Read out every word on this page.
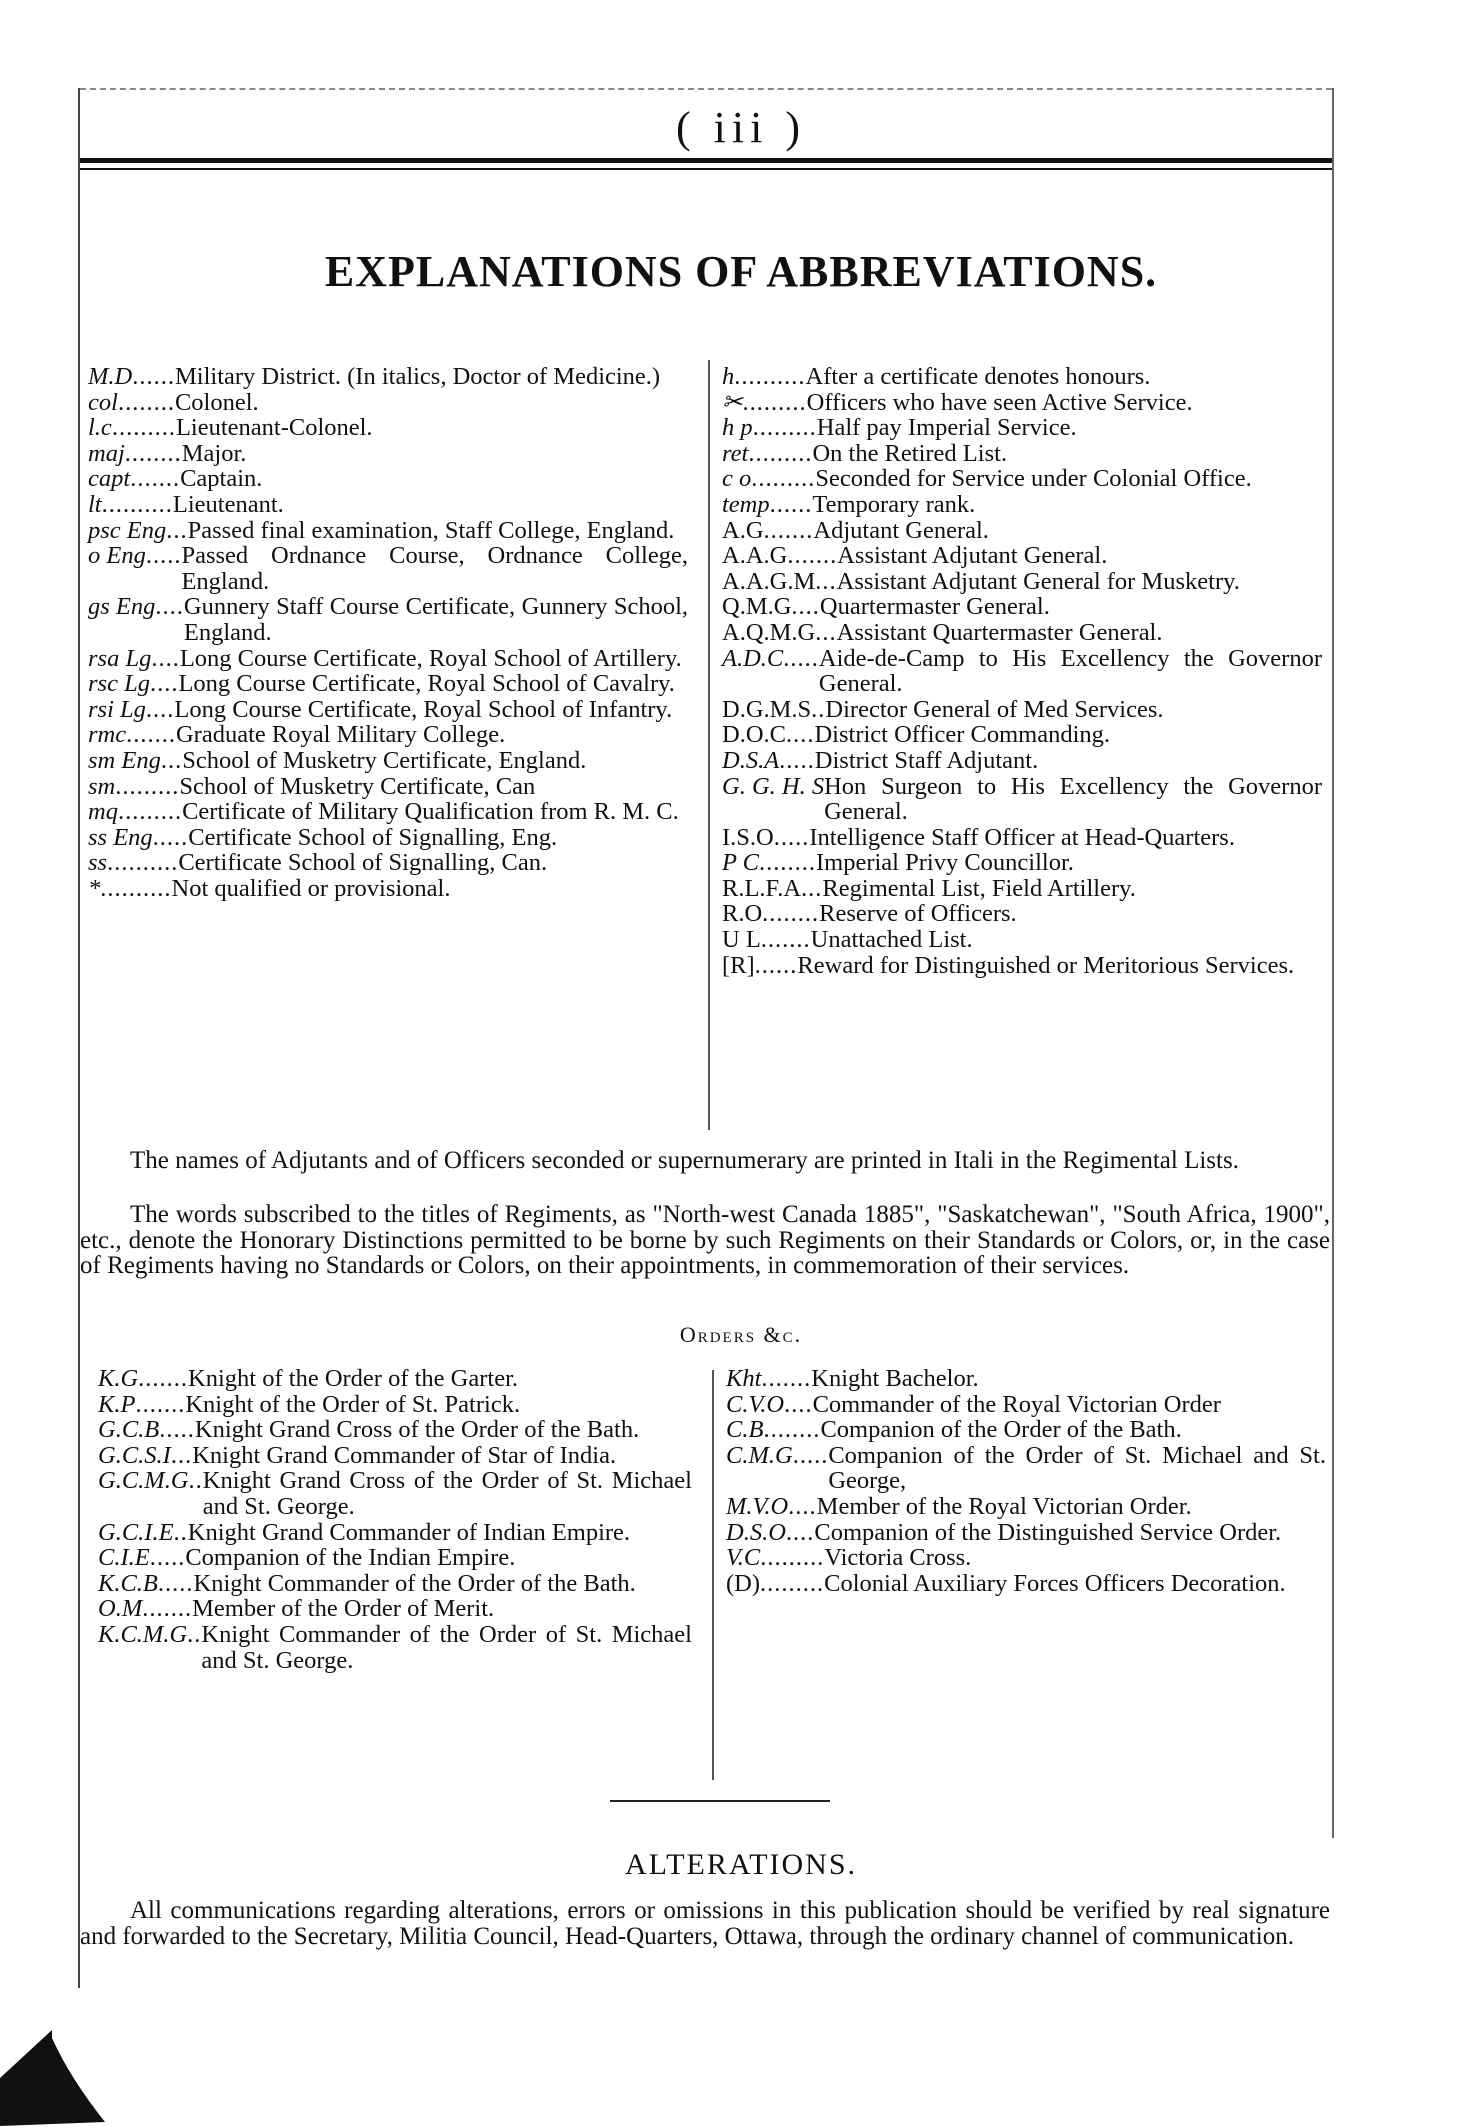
( iii )
EXPLANATIONS OF ABBREVIATIONS.
M.D ...... Military District. (In italics, Doctor of Medicine.)
col ........ Colonel.
l.c ......... Lieutenant-Colonel.
maj ........ Major.
capt ....... Captain.
lt .......... Lieutenant.
psc Eng ... Passed final examination, Staff College, England.
o Eng ..... Passed Ordnance Course, Ordnance College, England.
gs Eng .... Gunnery Staff Course Certificate, Gunnery School, England.
rsa Lg .... Long Course Certificate, Royal School of Artillery.
rsc Lg .... Long Course Certificate, Royal School of Cavalry.
rsi Lg .... Long Course Certificate, Royal School of Infantry.
rmc ....... Graduate Royal Military College.
sm Eng ... School of Musketry Certificate, England.
sm ......... School of Musketry Certificate, Can
mq ......... Certificate of Military Qualification from R. M. C.
ss Eng ..... Certificate School of Signalling, Eng.
ss .......... Certificate School of Signalling, Can.
* .......... Not qualified or provisional.
h .......... After a certificate denotes honours.
✂ ......... Officers who have seen Active Service.
h p ......... Half pay Imperial Service.
ret ......... On the Retired List.
c o ......... Seconded for Service under Colonial Office.
temp ...... Temporary rank.
A.G ....... Adjutant General.
A.A.G ....... Assistant Adjutant General.
A.A.G.M ... Assistant Adjutant General for Musketry.
Q.M.G .... Quartermaster General.
A.Q.M.G ... Assistant Quartermaster General.
A.D.C ..... Aide-de-Camp to His Excellency the Governor General.
D.G.M.S .. Director General of Med Services.
D.O.C .... District Officer Commanding.
D.S.A ..... District Staff Adjutant.
G. G. H. S Hon Surgeon to His Excellency the Governor General.
I.S.O ..... Intelligence Staff Officer at Head-Quarters.
P C ........ Imperial Privy Councillor.
R.L.F.A ... Regimental List, Field Artillery.
R.O ........ Reserve of Officers.
U L ....... Unattached List.
[R] ...... Reward for Distinguished or Meritorious Services.
The names of Adjutants and of Officers seconded or supernumerary are printed in Itali in the Regimental Lists.
The words subscribed to the titles of Regiments, as "North-west Canada 1885", "Saskatchewan", "South Africa, 1900", etc., denote the Honorary Distinctions permitted to be borne by such Regiments on their Standards or Colors, or, in the case of Regiments having no Standards or Colors, on their appointments, in commemoration of their services.
Orders &c.
K.G ....... Knight of the Order of the Garter.
K.P ....... Knight of the Order of St. Patrick.
G.C.B ..... Knight Grand Cross of the Order of the Bath.
G.C.S.I ... Knight Grand Commander of Star of India.
G.C.M.G .. Knight Grand Cross of the Order of St. Michael and St. George.
G.C.I.E .. Knight Grand Commander of Indian Empire.
C.I.E ..... Companion of the Indian Empire.
K.C.B ..... Knight Commander of the Order of the Bath.
O.M ....... Member of the Order of Merit.
K.C.M.G .. Knight Commander of the Order of St. Michael and St. George.
Kht ....... Knight Bachelor.
C.V.O .... Commander of the Royal Victorian Order
C.B ........ Companion of the Order of the Bath.
C.M.G ..... Companion of the Order of St. Michael and St. George,
M.V.O .... Member of the Royal Victorian Order.
D.S.O .... Companion of the Distinguished Service Order.
V.C ......... Victoria Cross.
(D) ......... Colonial Auxiliary Forces Officers Decoration.
ALTERATIONS.
All communications regarding alterations, errors or omissions in this publication should be verified by real signature and forwarded to the Secretary, Militia Council, Head-Quarters, Ottawa, through the ordinary channel of communication.
